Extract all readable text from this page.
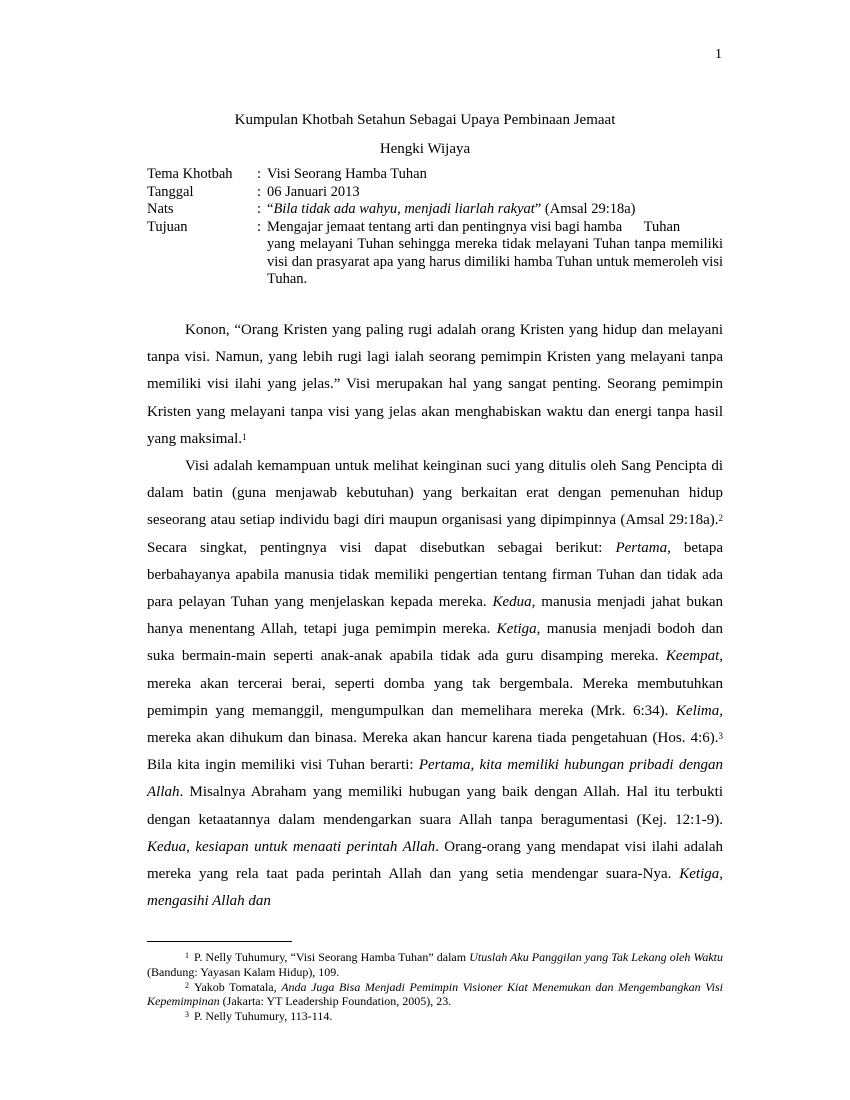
1
Kumpulan Khotbah Setahun Sebagai Upaya Pembinaan Jemaat
Hengki Wijaya
Tema Khotbah	: Visi Seorang Hamba Tuhan
Tanggal	: 06 Januari 2013
Nats	: “Bila tidak ada wahyu, menjadi liarlah rakyat” (Amsal 29:18a)
Tujuan	: Mengajar jemaat tentang arti dan pentingnya visi bagi hamba      Tuhan
yang melayani Tuhan sehingga mereka tidak melayani Tuhan tanpa memiliki visi dan prasyarat apa yang harus dimiliki hamba Tuhan untuk memeroleh visi Tuhan.

Konon, “Orang Kristen yang paling rugi adalah orang Kristen yang hidup dan melayani tanpa visi. Namun, yang lebih rugi lagi ialah seorang pemimpin Kristen yang melayani tanpa memiliki visi ilahi yang jelas.” Visi merupakan hal yang sangat penting. Seorang pemimpin Kristen yang melayani tanpa visi yang jelas akan menghabiskan waktu dan energi tanpa hasil yang maksimal.$^1$

Visi adalah kemampuan untuk melihat keinginan suci yang ditulis oleh Sang Pencipta di dalam batin (guna menjawab kebutuhan) yang berkaitan erat dengan pemenuhan hidup seseorang atau setiap individu bagi diri maupun organisasi yang dipimpinnya (Amsal 29:18a).$^2$  Secara singkat, pentingnya visi dapat disebutkan sebagai berikut: Pertama, betapa berbahayanya apabila manusia tidak memiliki pengertian tentang firman Tuhan dan tidak ada para pelayan Tuhan yang menjelaskan kepada mereka. Kedua, manusia menjadi jahat bukan hanya menentang Allah, tetapi juga pemimpin mereka. Ketiga, manusia menjadi bodoh dan suka bermain-main seperti anak-anak apabila tidak ada guru disamping mereka. Keempat, mereka akan tercerai berai, seperti domba yang tak bergembala. Mereka membutuhkan pemimpin yang memanggil, mengumpulkan dan memelihara mereka (Mrk. 6:34). Kelima, mereka akan dihukum dan binasa. Mereka akan hancur karena tiada pengetahuan (Hos. 4:6).$^3$ Bila kita ingin memiliki visi Tuhan berarti: Pertama, kita memiliki hubungan pribadi dengan Allah. Misalnya Abraham yang memiliki hubugan yang baik dengan Allah. Hal itu terbukti dengan ketaatannya dalam mendengarkan suara Allah tanpa beragumentasi (Kej. 12:1-9). Kedua, kesiapan untuk menaati perintah Allah. Orang-orang yang mendapat visi ilahi adalah mereka yang rela taat pada perintah Allah dan yang setia mendengar suara-Nya. Ketiga, mengasihi Allah dan

$^1$ P. Nelly Tuhumury, “Visi Seorang Hamba Tuhan” dalam Utuslah Aku Panggilan yang Tak Lekang oleh Waktu (Bandung: Yayasan Kalam Hidup), 109.

$^2$ Yakob Tomatala, Anda Juga Bisa Menjadi Pemimpin Visioner Kiat Menemukan dan Mengembangkan Visi Kepemimpinan (Jakarta: YT Leadership Foundation, 2005), 23.

$^3$ P. Nelly Tuhumury, 113-114.
